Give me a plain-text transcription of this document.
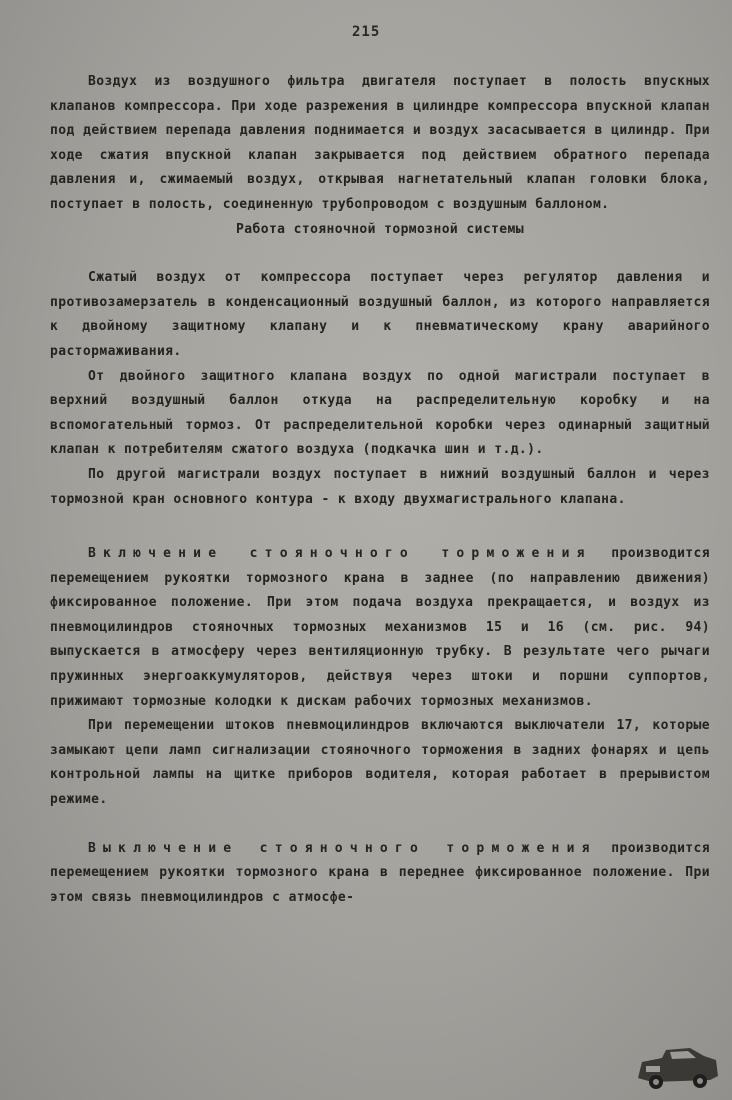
215

Воздух из воздушного фильтра двигателя поступает в полость впускных клапанов компрессора. При ходе разрежения в цилиндре компрессора впускной клапан под действием перепада давления поднимается и воздух засасывается в цилиндр. При ходе сжатия впускной клапан закрывается под действием обратного перепада давления и, сжимаемый воздух, открывая нагнетательный клапан головки блока, поступает в полость, соединенную трубопроводом с воздушным баллоном.

Работа стояночной тормозной системы

Сжатый воздух от компрессора поступает через регулятор давления и противозамерзатель в конденсационный воздушный баллон, из которого направляется к двойному защитному клапану и к пневматическому крану аварийного растормаживания.

От двойного защитного клапана воздух по одной магистрали поступает в верхний воздушный баллон откуда на распределительную коробку и на вспомогательный тормоз. От распределительной коробки через одинарный защитный клапан к потребителям сжатого воздуха (подкачка шин и т.д.).

По другой магистрали воздух поступает в нижний воздушный баллон и через тормозной кран основного контура - к входу двухмагистрального клапана.

Включение стояночного торможения производится перемещением рукоятки тормозного крана в заднее (по направлению движения) фиксированное положение. При этом подача воздуха прекращается, и воздух из пневмоцилиндров стояночных тормозных механизмов 15 и 16 (см. рис. 94) выпускается в атмосферу через вентиляционную трубку. В результате чего рычаги пружинных энергоаккумуляторов, действуя через штоки и поршни суппортов, прижимают тормозные колодки к дискам рабочих тормозных механизмов.

При перемещении штоков пневмоцилиндров включаются выключатели 17, которые замыкают цепи ламп сигнализации стояночного торможения в задних фонарях и цепь контрольной лампы на щитке приборов водителя, которая работает в прерывистом режиме.

Выключение стояночного торможения производится перемещением рукоятки тормозного крана в переднее фиксированное положение. При этом связь пневмоцилиндров с атмосфе-
